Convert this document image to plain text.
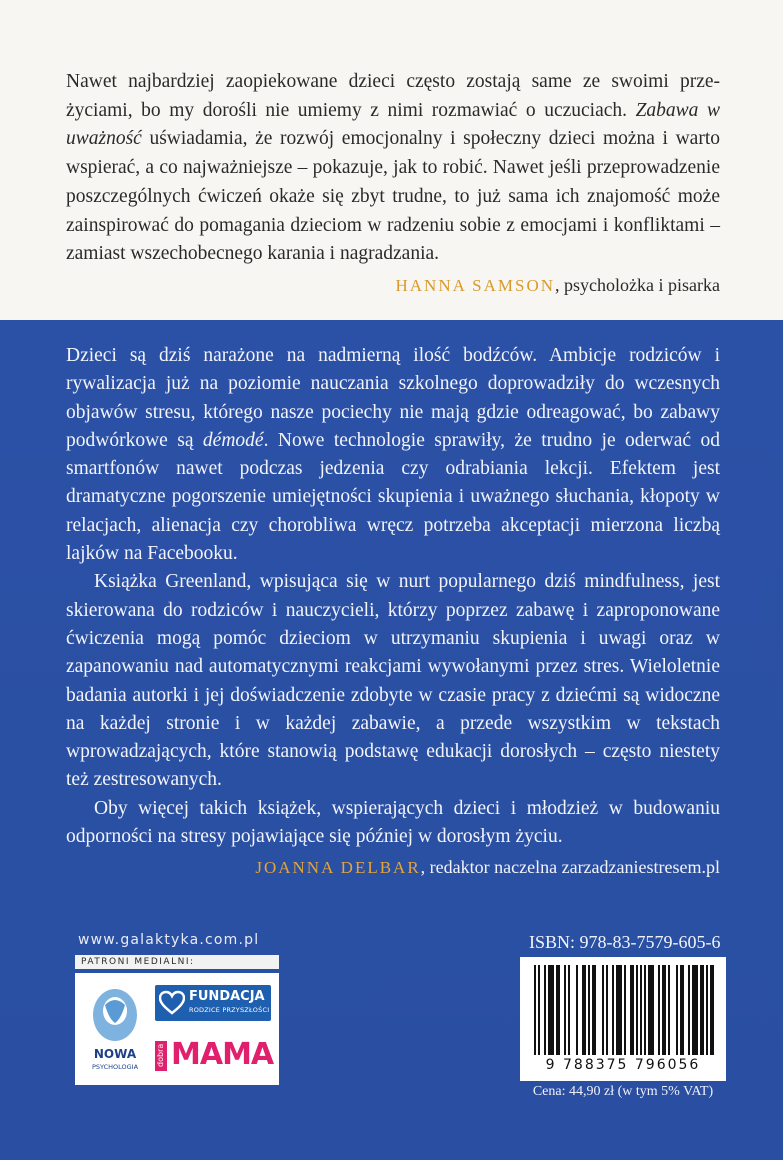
Nawet najbardziej zaopiekowane dzieci często zostają same ze swoimi prze-życiami, bo my dorośli nie umiemy z nimi rozmawiać o uczuciach. Zabawa w uważność uświadamia, że rozwój emocjonalny i społeczny dzieci można i warto wspierać, a co najważniejsze – pokazuje, jak to robić. Nawet jeśli przeprowadzenie poszczególnych ćwiczeń okaże się zbyt trudne, to już sama ich znajomość może zainspirować do pomagania dzieciom w radzeniu sobie z emocjami i konfliktami – zamiast wszechobecnego karania i nagradzania.

HANNA SAMSON, psycholożka i pisarka

Dzieci są dziś narażone na nadmierną ilość bodźców. Ambicje rodziców i rywalizacja już na poziomie nauczania szkolnego doprowadziły do wczesnych objawów stresu, którego nasze pociechy nie mają gdzie odreagować, bo zabawy podwórkowe są démodé. Nowe technologie sprawiły, że trudno je oderwać od smartfonów nawet podczas jedzenia czy odrabiania lekcji. Efektem jest dramatyczne pogorszenie umiejętności skupienia i uważnego słuchania, kłopoty w relacjach, alienacja czy chorobliwa wręcz potrzeba akceptacji mierzona liczbą lajków na Facebooku.

Książka Greenland, wpisująca się w nurt popularnego dziś mindfulness, jest skierowana do rodziców i nauczycieli, którzy poprzez zabawę i zaproponowane ćwiczenia mogą pomóc dzieciom w utrzymaniu skupienia i uwagi oraz w zapanowaniu nad automatycznymi reakcjami wywołanymi przez stres. Wieloletnie badania autorki i jej doświadczenie zdobyte w czasie pracy z dziećmi są widoczne na każdej stronie i w każdej zabawie, a przede wszystkim w tekstach wprowadzających, które stanowią podstawę edukacji dorosłych – często niestety też zestresowanych.

Oby więcej takich książek, wspierających dzieci i młodzież w budowaniu odporności na stresy pojawiające się później w dorosłym życiu.

JOANNA DELBAR, redaktor naczelna zarzadzaniestresem.pl
www.galaktyka.com.pl
PATRONI MEDIALNI:
NOWA
PSYCHOLOGIA
FUNDACJA
RODZICE PRZYSZŁOŚCI
dobra MAMA
ISBN: 978-83-7579-605-6
9 788375 796056
Cena: 44,90 zł (w tym 5% VAT)
